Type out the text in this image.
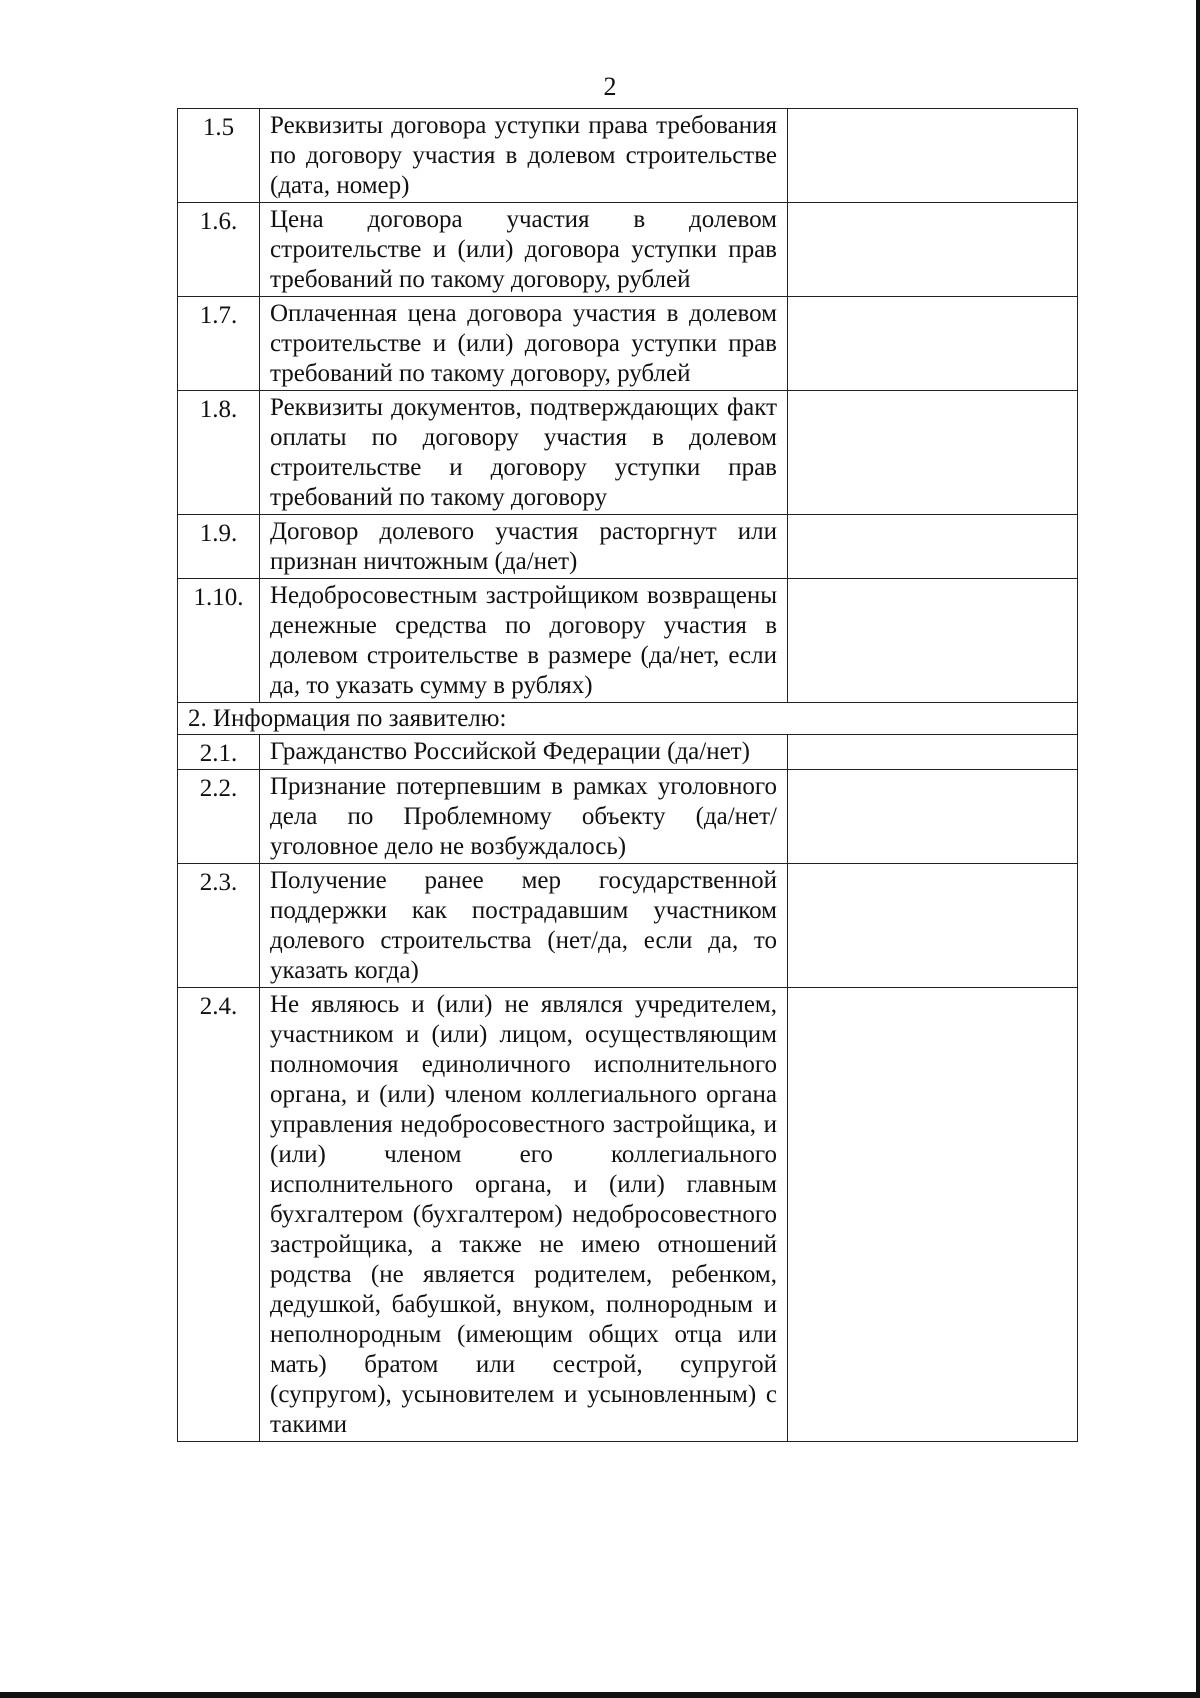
2
1.5	Реквизиты договора уступки права требования по договору участия в долевом строительстве (дата, номер)	
1.6.	Цена договора участия в долевом строительстве и (или) договора уступки прав требований по такому договору, рублей	
1.7.	Оплаченная цена договора участия в долевом строительстве и (или) договора уступки прав требований по такому договору, рублей	
1.8.	Реквизиты документов, подтверждающих факт оплаты по договору участия в долевом строительстве и договору уступки прав требований по такому договору	
1.9.	Договор долевого участия расторгнут или признан ничтожным (да/нет)	
1.10.	Недобросовестным застройщиком возвращены денежные средства по договору участия в долевом строительстве в размере (да/нет, если да, то указать сумму в рублях)	
2. Информация по заявителю:		
2.1.	Гражданство Российской Федерации (да/нет)	
2.2.	Признание потерпевшим в рамках уголовного дела по Проблемному объекту (да/нет/уголовное дело не возбуждалось)	
2.3.	Получение ранее мер государственной поддержки как пострадавшим участником долевого строительства (нет/да, если да, то указать когда)	
2.4.	Не являюсь и (или) не являлся учредителем, участником и (или) лицом, осуществляющим полномочия единоличного исполнительного органа, и (или) членом коллегиального органа управления недобросовестного застройщика, и (или) членом его коллегиального исполнительного органа, и (или) главным бухгалтером (бухгалтером) недобросовестного застройщика, а также не имею отношений родства (не является родителем, ребенком, дедушкой, бабушкой, внуком, полнородным и неполнородным (имеющим общих отца или мать) братом или сестрой, супругой (супругом), усыновителем и усыновленным) с такими	
